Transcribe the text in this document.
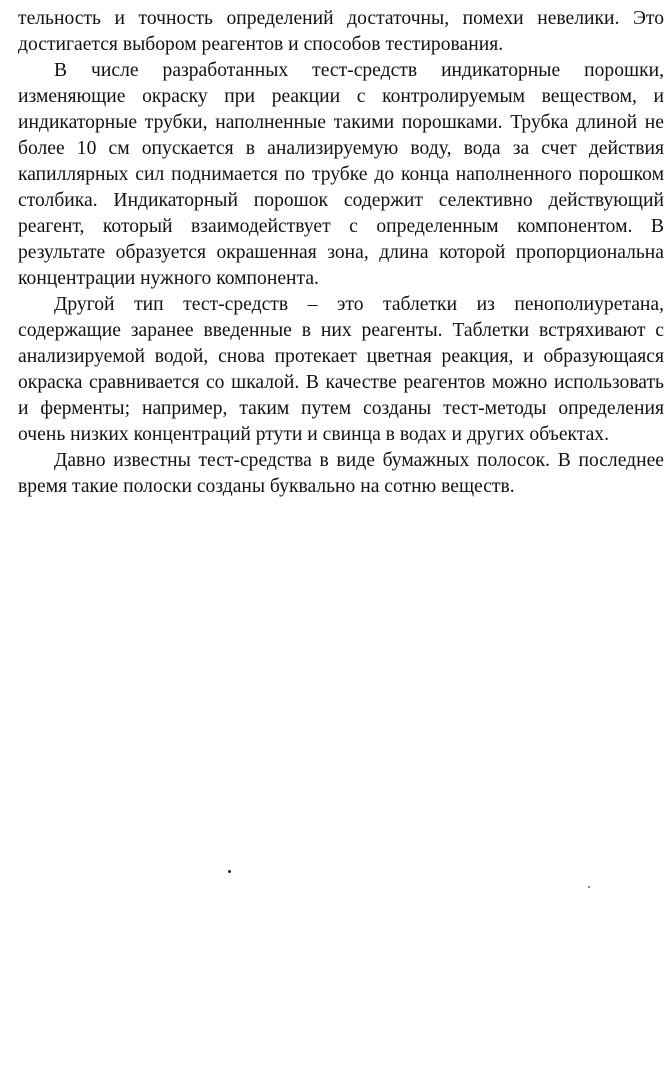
тельность и точность определений достаточны, помехи невелики. Это достигается выбором реагентов и способов тестирования.

В числе разработанных тест-средств индикаторные порошки, изменяющие окраску при реакции с контролируемым веществом, и индикаторные трубки, наполненные такими порошками. Трубка длиной не более 10 см опускается в анализируемую воду, вода за счет действия капиллярных сил поднимается по трубке до конца наполненного порошком столбика. Индикаторный порошок содержит селективно действующий реагент, который взаимодействует с определенным компонентом. В результате образуется окрашенная зона, длина которой пропорциональна концентрации нужного компонента.

Другой тип тест-средств – это таблетки из пенополиуретана, содержащие заранее введенные в них реагенты. Таблетки встряхивают с анализируемой водой, снова протекает цветная реакция, и образующаяся окраска сравнивается со шкалой. В качестве реагентов можно использовать и ферменты; например, таким путем созданы тест-методы определения очень низких концентраций ртути и свинца в водах и других объектах.

Давно известны тест-средства в виде бумажных полосок. В последнее время такие полоски созданы буквально на сотню веществ.
